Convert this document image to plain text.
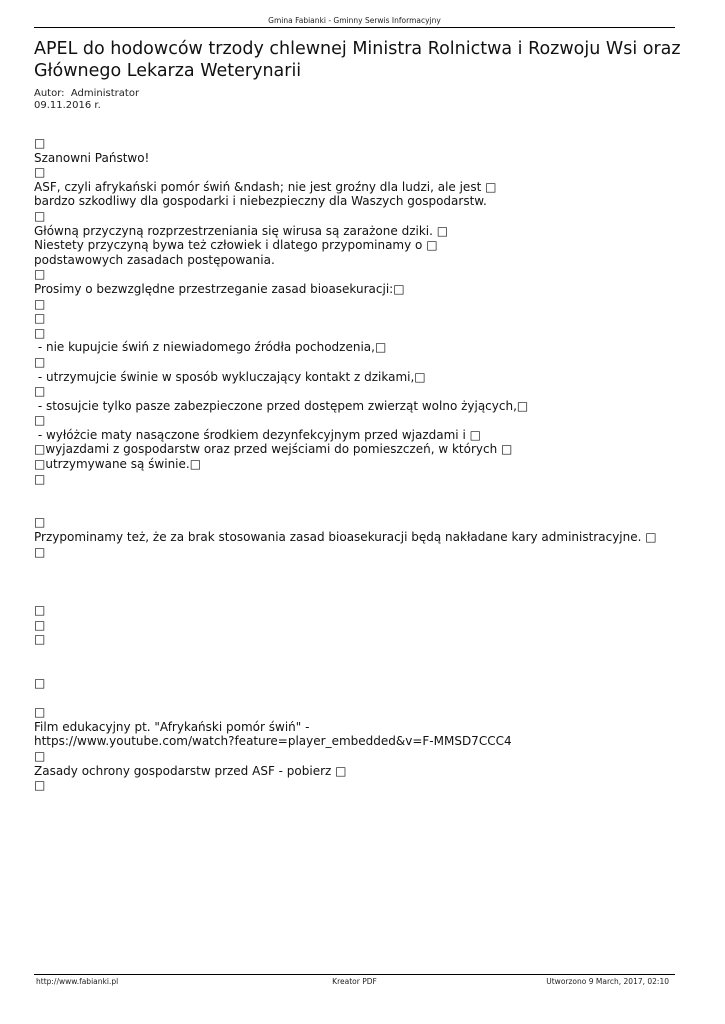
Gmina Fabianki - Gminny Serwis Informacyjny
APEL do hodowców trzody chlewnej Ministra Rolnictwa i Rozwoju Wsi oraz Głównego Lekarza Weterynarii
Autor: Administrator
09.11.2016 r.
□
Szanowni Państwo!
□
ASF, czyli afrykański pomór świń &ndash; nie jest groźny dla ludzi, ale jest □
bardzo szkodliwy dla gospodarki i niebezpieczny dla Waszych gospodarstw.
□
Główną przyczyną rozprzestrzeniania się wirusa są zarażone dziki. □
Niestety przyczyną bywa też człowiek i dlatego przypominamy o □
podstawowych zasadach postępowania.
□
Prosimy o bezwzględne przestrzeganie zasad bioasekuracji:□
□
□
□
- nie kupujcie świń z niewiadomego źródła pochodzenia,□
□
- utrzymujcie świnie w sposób wykluczający kontakt z dzikami,□
□
- stosujcie tylko pasze zabezpieczone przed dostępem zwierząt wolno żyjących,□
□
- wyłóżcie maty nasączone środkiem dezynfekcyjnym przed wjazdami i □
□wyjazdami z gospodarstw oraz przed wejściami do pomieszczeń, w których □
□utrzymywane są świnie.□
□
□
Przypominamy też, że za brak stosowania zasad bioasekuracji będą nakładane kary administracyjne. □
□
□
□
□
□
□
Film edukacyjny pt. "Afrykański pomór świń" -
https://www.youtube.com/watch?feature=player_embedded&v=F-MMSD7CCC4
□
Zasady ochrony gospodarstw przed ASF - pobierz □
□
http://www.fabianki.pl	Kreator PDF	Utworzono 9 March, 2017, 02:10
